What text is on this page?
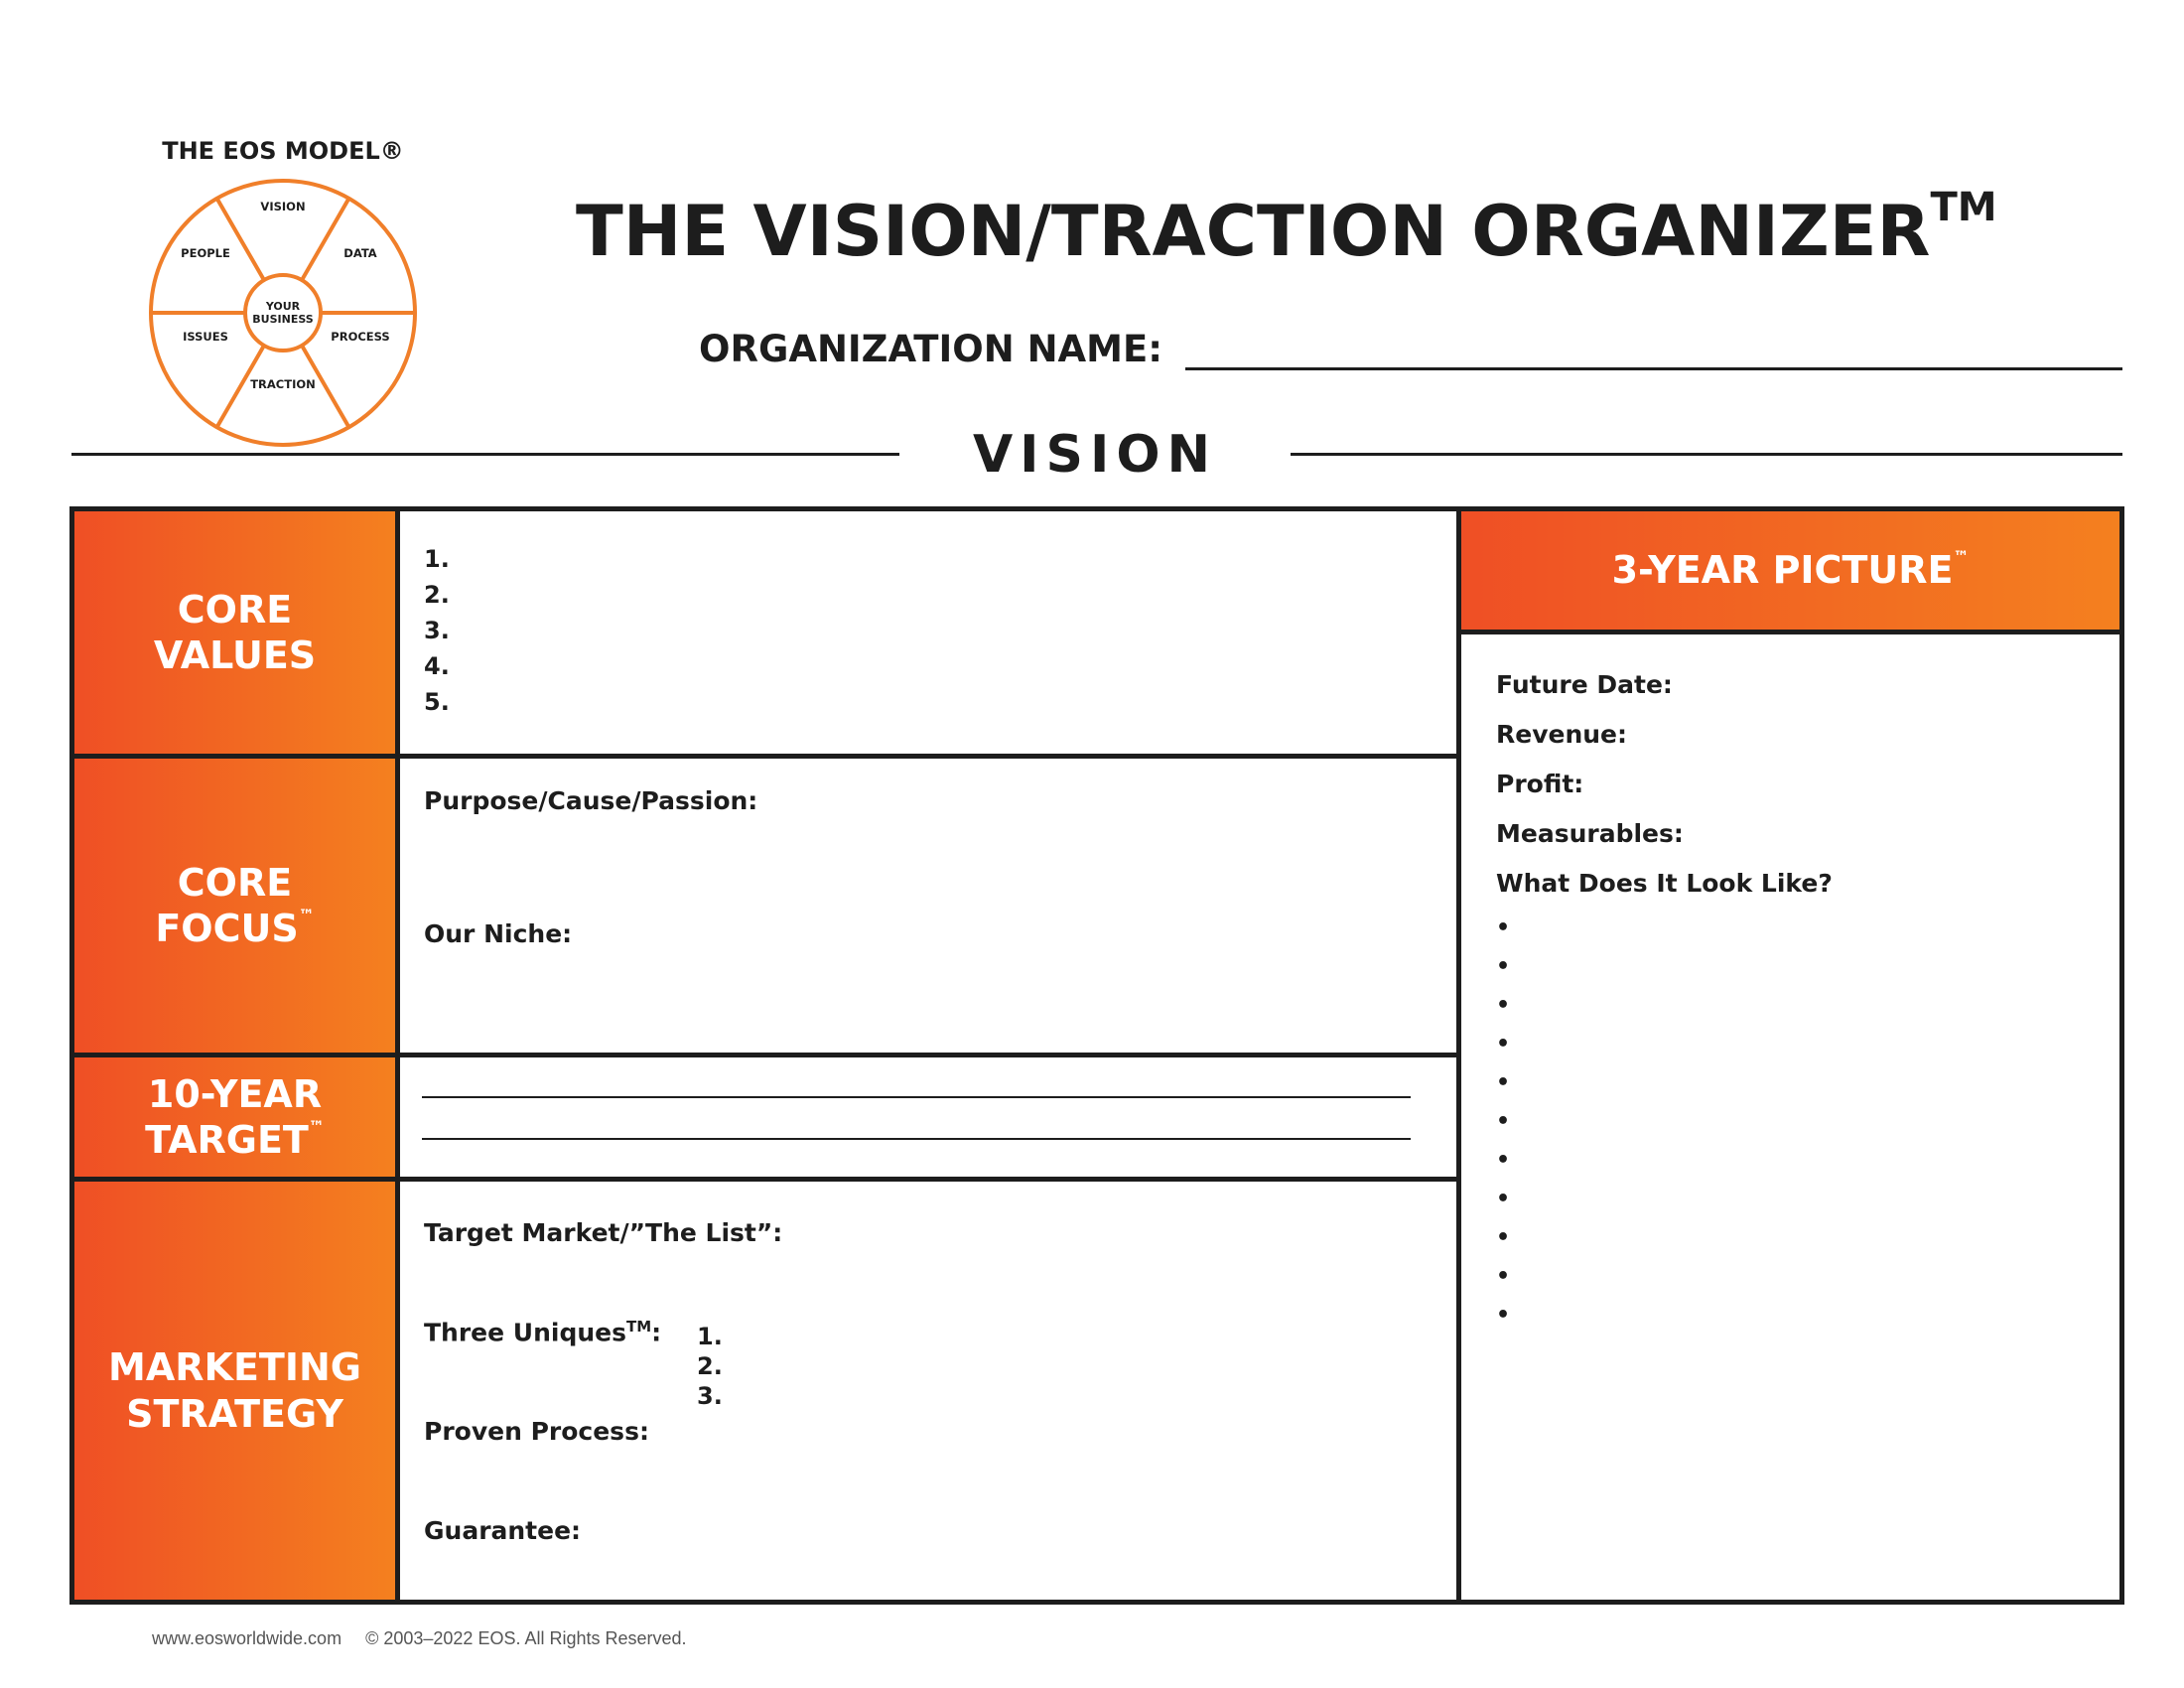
THE EOS MODEL®
VISION
DATA
PROCESS
TRACTION
ISSUES
PEOPLE
YOUR
BUSINESS
THE VISION/TRACTION ORGANIZER™
ORGANIZATION NAME:
VISION
CORE
VALUES
CORE
FOCUS™
10-YEAR
TARGET™
MARKETING
STRATEGY
3-YEAR PICTURE™
1.
2.
3.
4.
5.
Purpose/Cause/Passion:
Our Niche:
Target Market/”The List”:
Three Uniques™: 1.
2.
3.
Proven Process:
Guarantee:
Future Date:
Revenue:
Profit:
Measurables:
What Does It Look Like?
•
•
•
•
•
•
•
•
•
•
•
www.eosworldwide.com © 2003–2022 EOS. All Rights Reserved.
